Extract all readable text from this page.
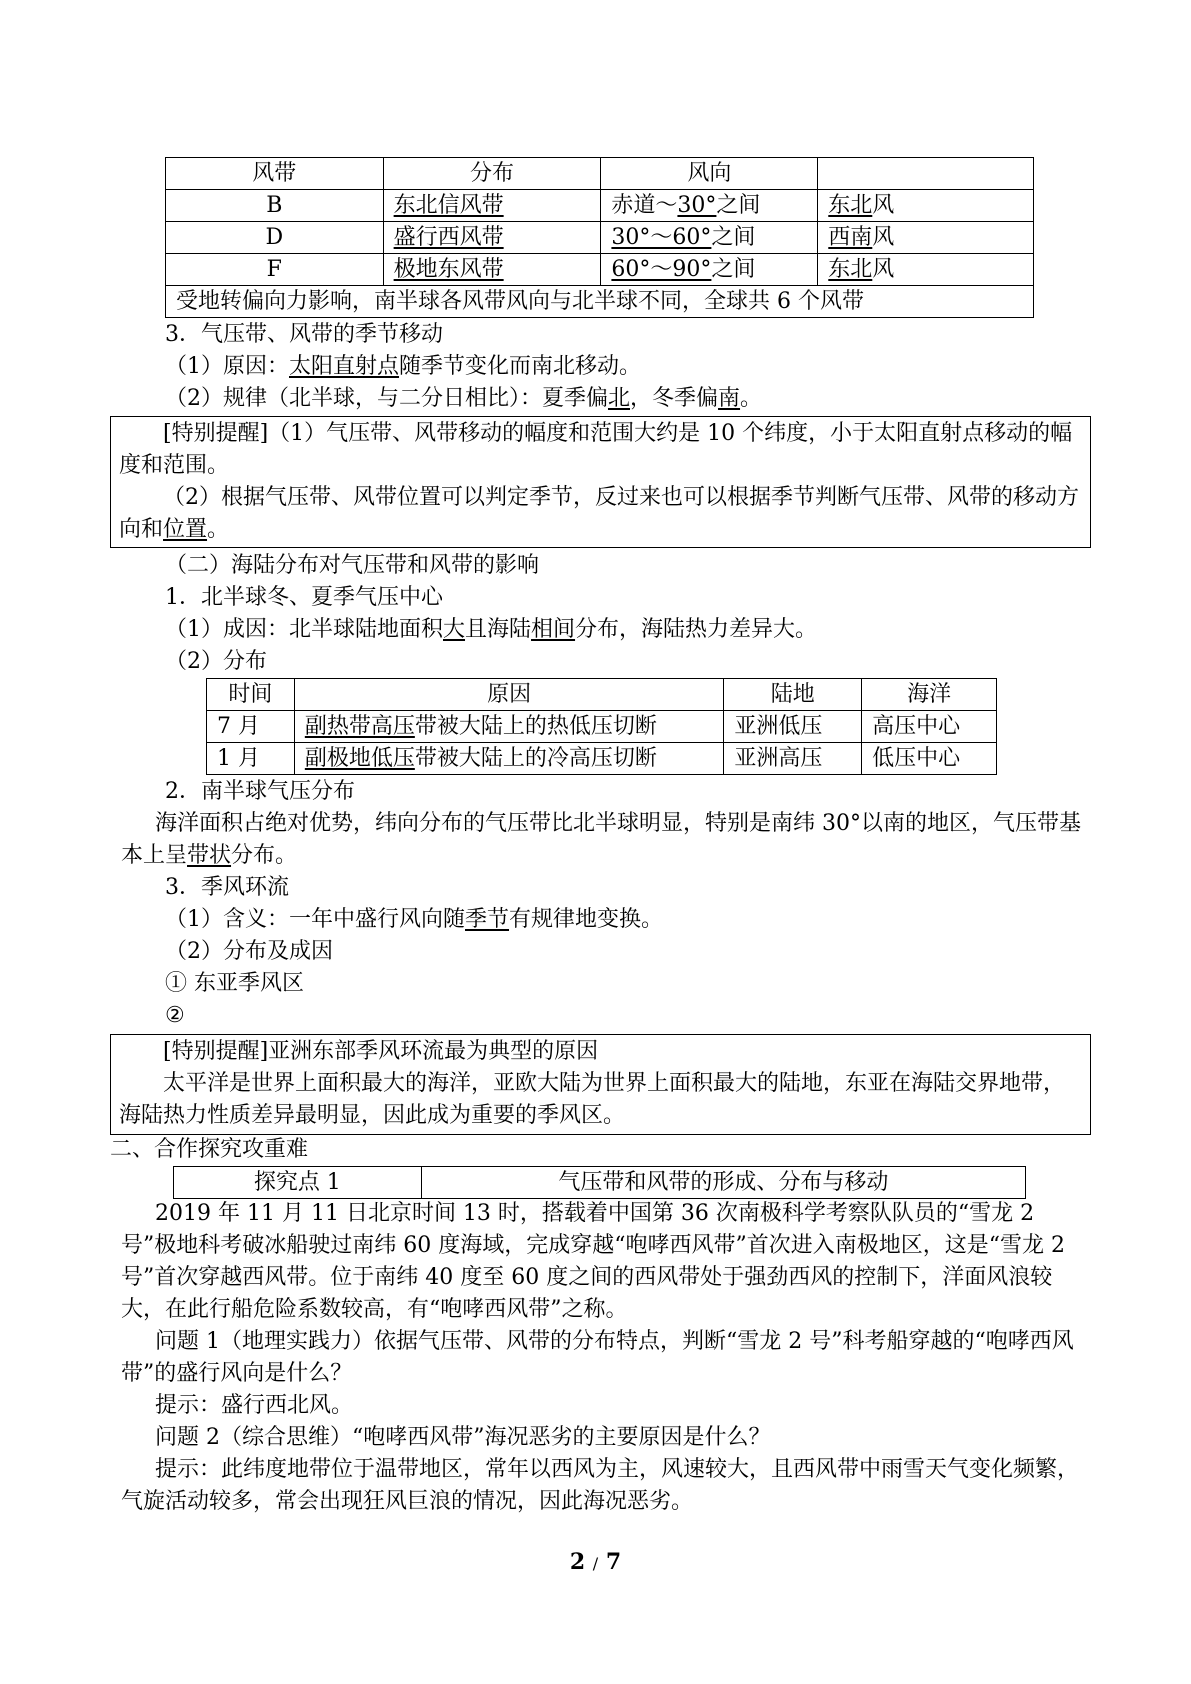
风带	分布	风向	
B	东北信风带	赤道～30°之间	东北风
D	盛行西风带	30°～60°之间	西南风
F	极地东风带	60°～90°之间	东北风
受地转偏向力影响，南半球各风带风向与北半球不同，全球共 6 个风带			

3．气压带、风带的季节移动

（1）原因：太阳直射点随季节变化而南北移动。

（2）规律（北半球，与二分日相比）：夏季偏北，冬季偏南。

[特别提醒]（1）气压带、风带移动的幅度和范围大约是 10 个纬度，小于太阳直射点移动的幅度和范围。

（2）根据气压带、风带位置可以判定季节，反过来也可以根据季节判断气压带、风带的移动方向和位置。

（二）海陆分布对气压带和风带的影响

1．北半球冬、夏季气压中心

（1）成因：北半球陆地面积大且海陆相间分布，海陆热力差异大。

（2）分布

时间	原因	陆地	海洋
7 月	副热带高压带被大陆上的热低压切断	亚洲低压	高压中心
1 月	副极地低压带被大陆上的冷高压切断	亚洲高压	低压中心

2．南半球气压分布

海洋面积占绝对优势，纬向分布的气压带比北半球明显，特别是南纬 30°以南的地区，气压带基本上呈带状分布。

3．季风环流

（1）含义：一年中盛行风向随季节有规律地变换。

（2）分布及成因

① 东亚季风区

②

[特别提醒]亚洲东部季风环流最为典型的原因

太平洋是世界上面积最大的海洋，亚欧大陆为世界上面积最大的陆地，东亚在海陆交界地带，海陆热力性质差异最明显，因此成为重要的季风区。

二、合作探究攻重难

探究点 1	气压带和风带的形成、分布与移动

2019 年 11 月 11 日北京时间 13 时，搭载着中国第 36 次南极科学考察队队员的“雪龙 2 号”极地科考破冰船驶过南纬 60 度海域，完成穿越“咆哮西风带”首次进入南极地区，这是“雪龙 2 号”首次穿越西风带。位于南纬 40 度至 60 度之间的西风带处于强劲西风的控制下，洋面风浪较大，在此行船危险系数较高，有“咆哮西风带”之称。

问题 1（地理实践力）依据气压带、风带的分布特点，判断“雪龙 2 号”科考船穿越的“咆哮西风带”的盛行风向是什么？

提示：盛行西北风。

问题 2（综合思维）“咆哮西风带”海况恶劣的主要原因是什么？

提示：此纬度地带位于温带地区，常年以西风为主，风速较大，且西风带中雨雪天气变化频繁，气旋活动较多，常会出现狂风巨浪的情况，因此海况恶劣。

2 / 7
